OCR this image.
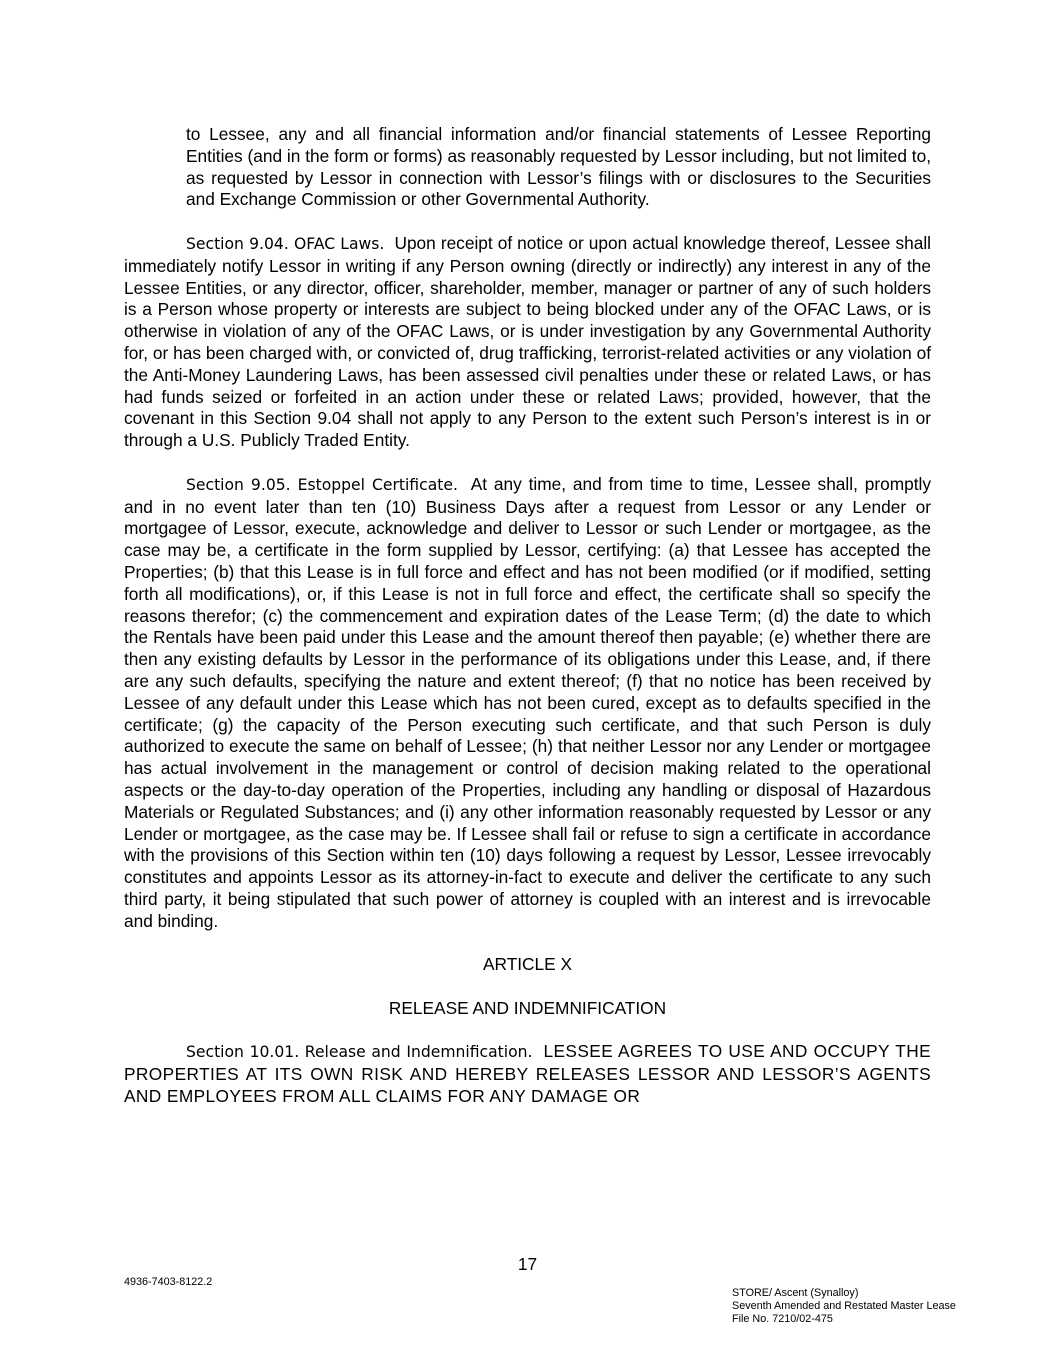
to Lessee, any and all financial information and/or financial statements of Lessee Reporting Entities (and in the form or forms) as reasonably requested by Lessor including, but not limited to, as requested by Lessor in connection with Lessor’s filings with or disclosures to the Securities and Exchange Commission or other Governmental Authority.

Section 9.04. OFAC Laws. Upon receipt of notice or upon actual knowledge thereof, Lessee shall immediately notify Lessor in writing if any Person owning (directly or indirectly) any interest in any of the Lessee Entities, or any director, officer, shareholder, member, manager or partner of any of such holders is a Person whose property or interests are subject to being blocked under any of the OFAC Laws, or is otherwise in violation of any of the OFAC Laws, or is under investigation by any Governmental Authority for, or has been charged with, or convicted of, drug trafficking, terrorist-related activities or any violation of the Anti-Money Laundering Laws, has been assessed civil penalties under these or related Laws, or has had funds seized or forfeited in an action under these or related Laws; provided, however, that the covenant in this Section 9.04 shall not apply to any Person to the extent such Person’s interest is in or through a U.S. Publicly Traded Entity.

Section 9.05. Estoppel Certificate. At any time, and from time to time, Lessee shall, promptly and in no event later than ten (10) Business Days after a request from Lessor or any Lender or mortgagee of Lessor, execute, acknowledge and deliver to Lessor or such Lender or mortgagee, as the case may be, a certificate in the form supplied by Lessor, certifying: (a) that Lessee has accepted the Properties; (b) that this Lease is in full force and effect and has not been modified (or if modified, setting forth all modifications), or, if this Lease is not in full force and effect, the certificate shall so specify the reasons therefor; (c) the commencement and expiration dates of the Lease Term; (d) the date to which the Rentals have been paid under this Lease and the amount thereof then payable; (e) whether there are then any existing defaults by Lessor in the performance of its obligations under this Lease, and, if there are any such defaults, specifying the nature and extent thereof; (f) that no notice has been received by Lessee of any default under this Lease which has not been cured, except as to defaults specified in the certificate; (g) the capacity of the Person executing such certificate, and that such Person is duly authorized to execute the same on behalf of Lessee; (h) that neither Lessor nor any Lender or mortgagee has actual involvement in the management or control of decision making related to the operational aspects or the day-to-day operation of the Properties, including any handling or disposal of Hazardous Materials or Regulated Substances; and (i) any other information reasonably requested by Lessor or any Lender or mortgagee, as the case may be. If Lessee shall fail or refuse to sign a certificate in accordance with the provisions of this Section within ten (10) days following a request by Lessor, Lessee irrevocably constitutes and appoints Lessor as its attorney-in-fact to execute and deliver the certificate to any such third party, it being stipulated that such power of attorney is coupled with an interest and is irrevocable and binding.

ARTICLE X

RELEASE AND INDEMNIFICATION

Section 10.01. Release and Indemnification. LESSEE AGREES TO USE AND OCCUPY THE PROPERTIES AT ITS OWN RISK AND HEREBY RELEASES LESSOR AND LESSOR’S AGENTS AND EMPLOYEES FROM ALL CLAIMS FOR ANY DAMAGE OR

17
4936-7403-8122.2
STORE/ Ascent (Synalloy)
Seventh Amended and Restated Master Lease
File No. 7210/02-475
